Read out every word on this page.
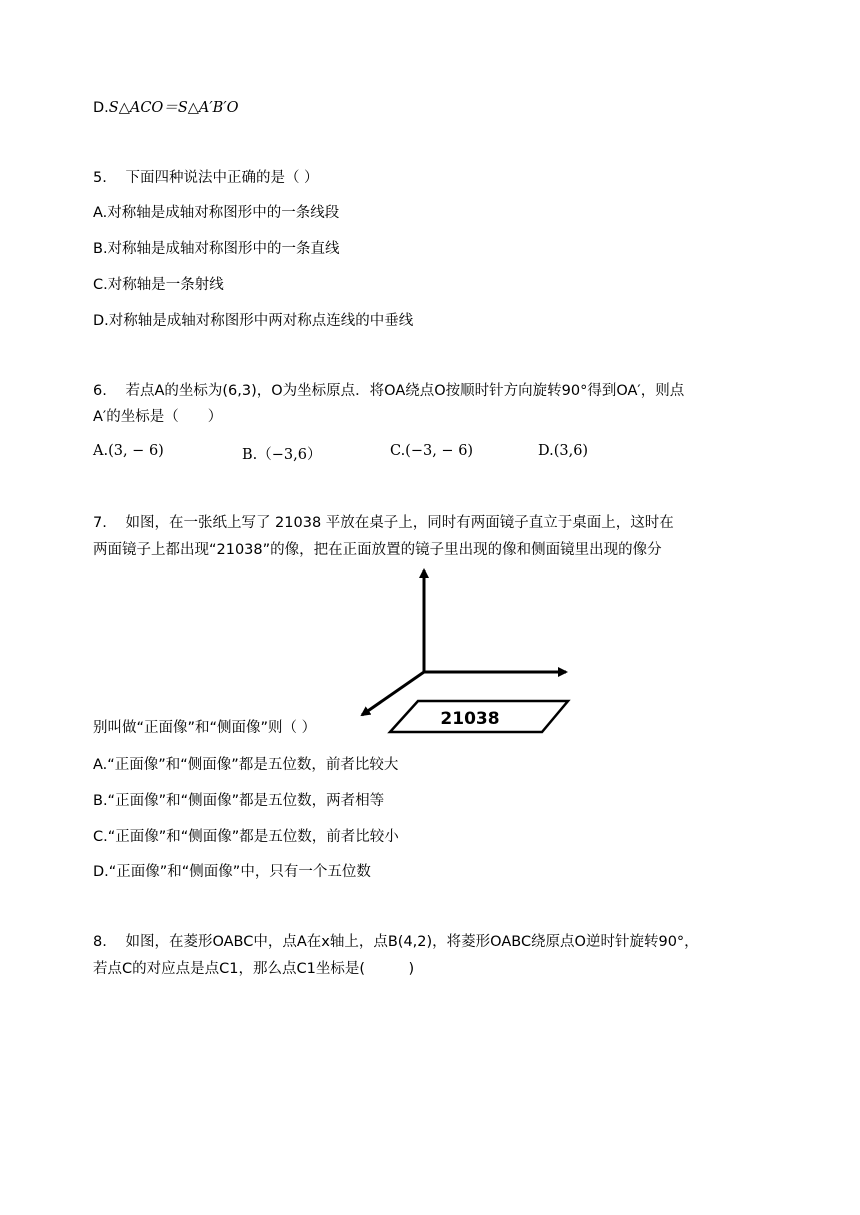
D.S△ACO＝S△A′B′O
5. 下面四种说法中正确的是（ ）
A.对称轴是成轴对称图形中的一条线段
B.对称轴是成轴对称图形中的一条直线
C.对称轴是一条射线
D.对称轴是成轴对称图形中两对称点连线的中垂线
6. 若点A的坐标为(6,3)，O为坐标原点．将OA绕点O按顺时针方向旋转90°得到OA′，则点
A′的坐标是（　　）
A.(3, − 6)	B.（−3,6）	C.(−3, − 6)	D.(3,6)
7. 如图，在一张纸上写了 21038 平放在桌子上，同时有两面镜子直立于桌面上，这时在
两面镜子上都出现“21038”的像，把在正面放置的镜子里出现的像和侧面镜里出现的像分
21038
别叫做“正面像”和“侧面像”则（ ）
A.“正面像”和“侧面像”都是五位数，前者比较大
B.“正面像”和“侧面像”都是五位数，两者相等
C.“正面像”和“侧面像”都是五位数，前者比较小
D.“正面像”和“侧面像”中，只有一个五位数
8. 如图，在菱形OABC中，点A在x轴上，点B(4,2)，将菱形OABC绕原点O逆时针旋转90°，
若点C的对应点是点C1，那么点C1坐标是(　　　)
